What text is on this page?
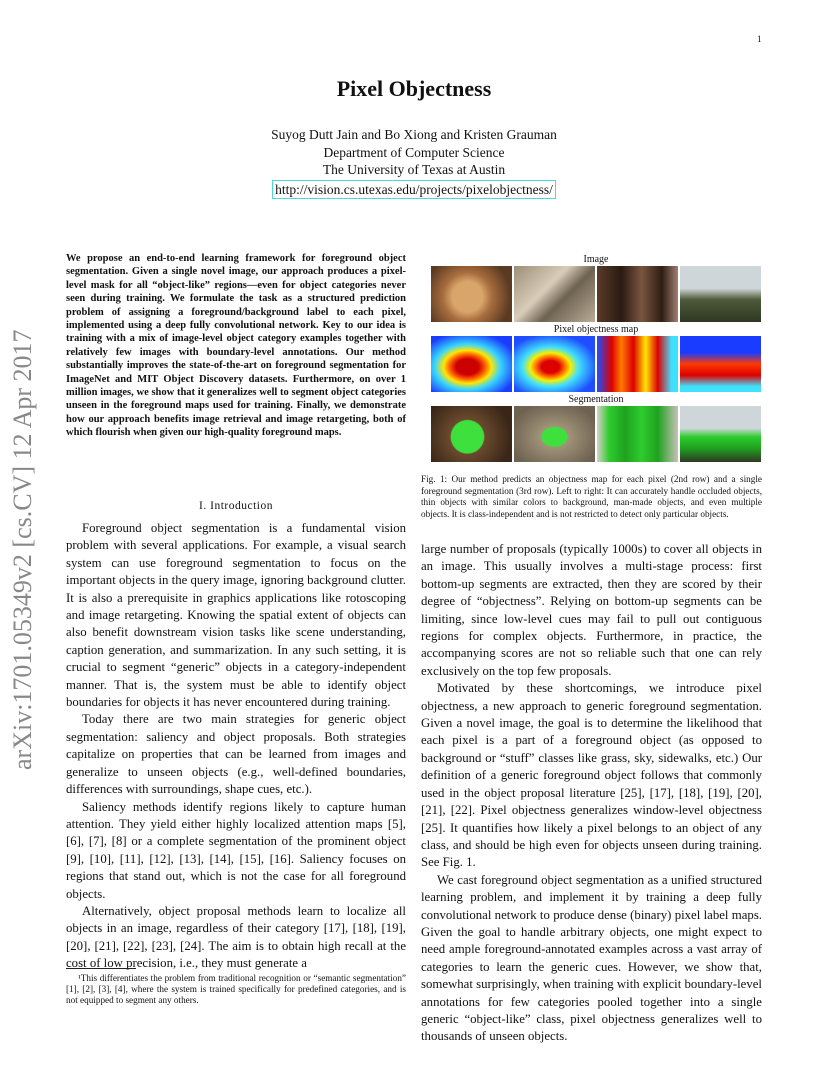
1
Pixel Objectness
Suyog Dutt Jain and Bo Xiong and Kristen Grauman
Department of Computer Science
The University of Texas at Austin
http://vision.cs.utexas.edu/projects/pixelobjectness/
arXiv:1701.05349v2 [cs.CV] 12 Apr 2017
We propose an end-to-end learning framework for foreground object segmentation. Given a single novel image, our approach produces a pixel-level mask for all “object-like” regions—even for object categories never seen during training. We formulate the task as a structured prediction problem of assigning a foreground/background label to each pixel, implemented using a deep fully convolutional network. Key to our idea is training with a mix of image-level object category examples together with relatively few images with boundary-level annotations. Our method substantially improves the state-of-the-art on foreground segmentation for ImageNet and MIT Object Discovery datasets. Furthermore, on over 1 million images, we show that it generalizes well to segment object categories unseen in the foreground maps used for training. Finally, we demonstrate how our approach benefits image retrieval and image retargeting, both of which flourish when given our high-quality foreground maps.
I. Introduction

Foreground object segmentation is a fundamental vision problem with several applications. For example, a visual search system can use foreground segmentation to focus on the important objects in the query image, ignoring background clutter. It is also a prerequisite in graphics applications like rotoscoping and image retargeting. Knowing the spatial extent of objects can also benefit downstream vision tasks like scene understanding, caption generation, and summarization. In any such setting, it is crucial to segment “generic” objects in a category-independent manner. That is, the system must be able to identify object boundaries for objects it has never encountered during training.

Today there are two main strategies for generic object segmentation: saliency and object proposals. Both strategies capitalize on properties that can be learned from images and generalize to unseen objects (e.g., well-defined boundaries, differences with surroundings, shape cues, etc.).

Saliency methods identify regions likely to capture human attention. They yield either highly localized attention maps [5], [6], [7], [8] or a complete segmentation of the prominent object [9], [10], [11], [12], [13], [14], [15], [16]. Saliency focuses on regions that stand out, which is not the case for all foreground objects.

Alternatively, object proposal methods learn to localize all objects in an image, regardless of their category [17], [18], [19], [20], [21], [22], [23], [24]. The aim is to obtain high recall at the cost of low precision, i.e., they must generate a

¹This differentiates the problem from traditional recognition or “semantic segmentation” [1], [2], [3], [4], where the system is trained specifically for predefined categories, and is not equipped to segment any others.
Image
Pixel objectness map
Segmentation
Fig. 1: Our method predicts an objectness map for each pixel (2nd row) and a single foreground segmentation (3rd row). Left to right: It can accurately handle occluded objects, thin objects with similar colors to background, man-made objects, and even multiple objects. It is class-independent and is not restricted to detect only particular objects.

large number of proposals (typically 1000s) to cover all objects in an image. This usually involves a multi-stage process: first bottom-up segments are extracted, then they are scored by their degree of “objectness”. Relying on bottom-up segments can be limiting, since low-level cues may fail to pull out contiguous regions for complex objects. Furthermore, in practice, the accompanying scores are not so reliable such that one can rely exclusively on the top few proposals.

Motivated by these shortcomings, we introduce pixel objectness, a new approach to generic foreground segmentation. Given a novel image, the goal is to determine the likelihood that each pixel is a part of a foreground object (as opposed to background or “stuff” classes like grass, sky, sidewalks, etc.) Our definition of a generic foreground object follows that commonly used in the object proposal literature [25], [17], [18], [19], [20], [21], [22]. Pixel objectness generalizes window-level objectness [25]. It quantifies how likely a pixel belongs to an object of any class, and should be high even for objects unseen during training. See Fig. 1.

We cast foreground object segmentation as a unified structured learning problem, and implement it by training a deep fully convolutional network to produce dense (binary) pixel label maps. Given the goal to handle arbitrary objects, one might expect to need ample foreground-annotated examples across a vast array of categories to learn the generic cues. However, we show that, somewhat surprisingly, when training with explicit boundary-level annotations for few categories pooled together into a single generic “object-like” class, pixel objectness generalizes well to thousands of unseen objects.
